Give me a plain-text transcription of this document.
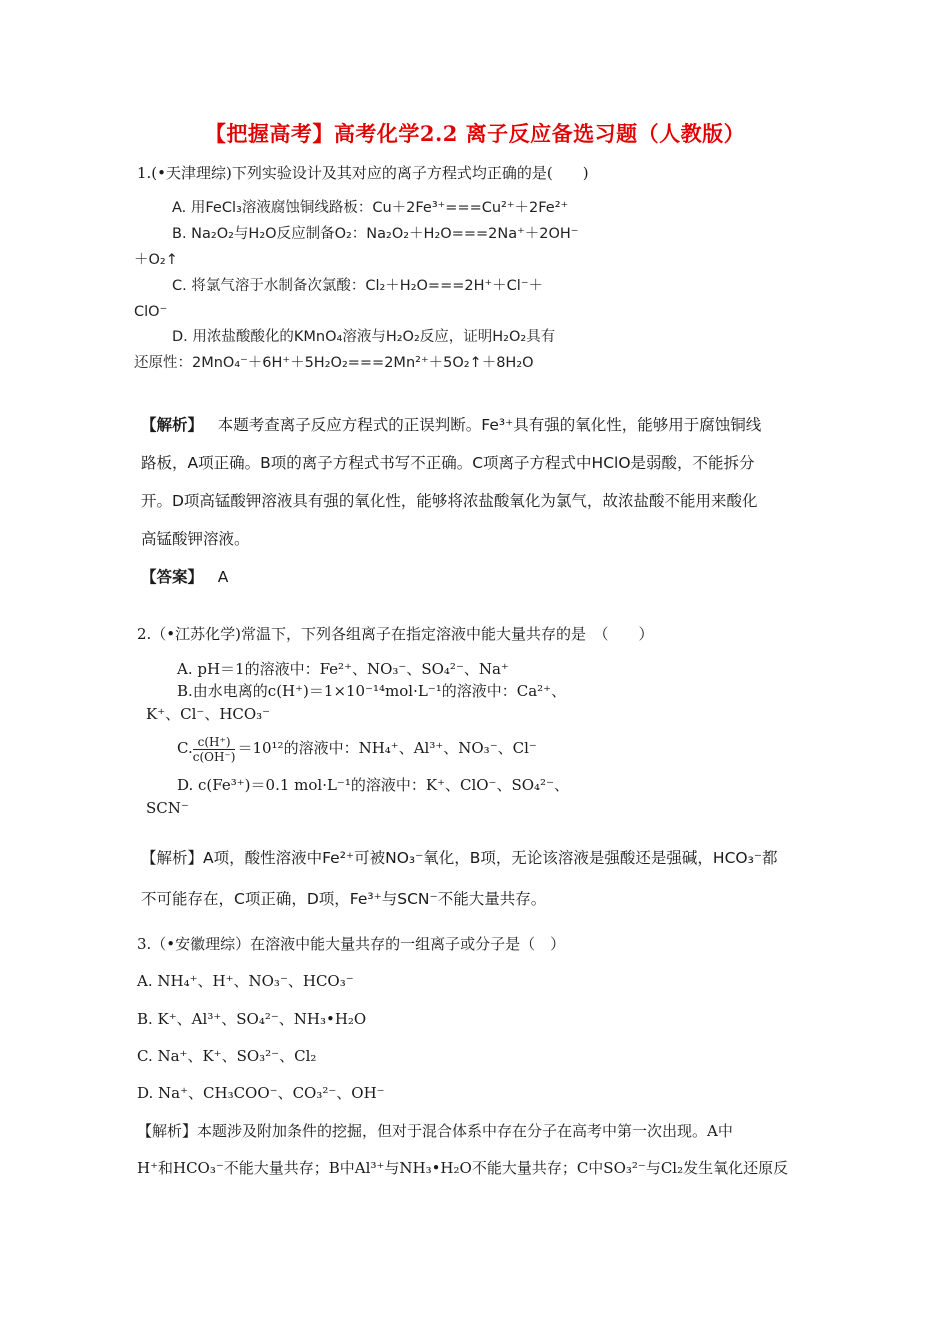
【把握高考】高考化学2.2 离子反应备选习题（人教版）
1.(•天津理综)下列实验设计及其对应的离子方程式均正确的是(　　)
A. 用FeCl₃溶液腐蚀铜线路板：Cu＋2Fe³⁺===Cu²⁺＋2Fe²⁺
B. Na₂O₂与H₂O反应制备O₂：Na₂O₂＋H₂O===2Na⁺＋2OH⁻
＋O₂↑
C. 将氯气溶于水制备次氯酸：Cl₂＋H₂O===2H⁺＋Cl⁻＋
ClO⁻
D. 用浓盐酸酸化的KMnO₄溶液与H₂O₂反应，证明H₂O₂具有
还原性：2MnO₄⁻＋6H⁺＋5H₂O₂===2Mn²⁺＋5O₂↑＋8H₂O
【解析】 本题考查离子反应方程式的正误判断。Fe³⁺具有强的氧化性，能够用于腐蚀铜线
路板，A项正确。B项的离子方程式书写不正确。C项离子方程式中HClO是弱酸，不能拆分
开。D项高锰酸钾溶液具有强的氧化性，能够将浓盐酸氧化为氯气，故浓盐酸不能用来酸化
高锰酸钾溶液。
【答案】 A
2.（•江苏化学)常温下，下列各组离子在指定溶液中能大量共存的是　（　　）
A. pH＝1的溶液中：Fe²⁺、NO₃⁻、SO₄²⁻、Na⁺
B.由水电离的c(H⁺)＝1×10⁻¹⁴mol·L⁻¹的溶液中：Ca²⁺、
K⁺、Cl⁻、HCO₃⁻
C. $\frac{c(H^+)}{c(OH^-)} =10^{12}$的溶液中：NH₄⁺、Al³⁺、NO₃⁻、Cl⁻
D. c(Fe³⁺)＝0.1 mol·L⁻¹的溶液中：K⁺、ClO⁻、SO₄²⁻、
SCN⁻
【解析】A项，酸性溶液中Fe²⁺可被NO₃⁻氧化，B项，无论该溶液是强酸还是强碱，HCO₃⁻都
不可能存在，C项正确，D项，Fe³⁺与SCN⁻不能大量共存。
3.（•安徽理综）在溶液中能大量共存的一组离子或分子是（　）
A. NH₄⁺、H⁺、NO₃⁻、HCO₃⁻
B. K⁺、Al³⁺、SO₄²⁻、NH₃•H₂O
C. Na⁺、K⁺、SO₃²⁻、Cl₂
D. Na⁺、CH₃COO⁻、CO₃²⁻、OH⁻
【解析】本题涉及附加条件的挖掘，但对于混合体系中存在分子在高考中第一次出现。A中
H⁺和HCO₃⁻不能大量共存；B中Al³⁺与NH₃•H₂O不能大量共存；C中SO₃²⁻与Cl₂发生氧化还原反
